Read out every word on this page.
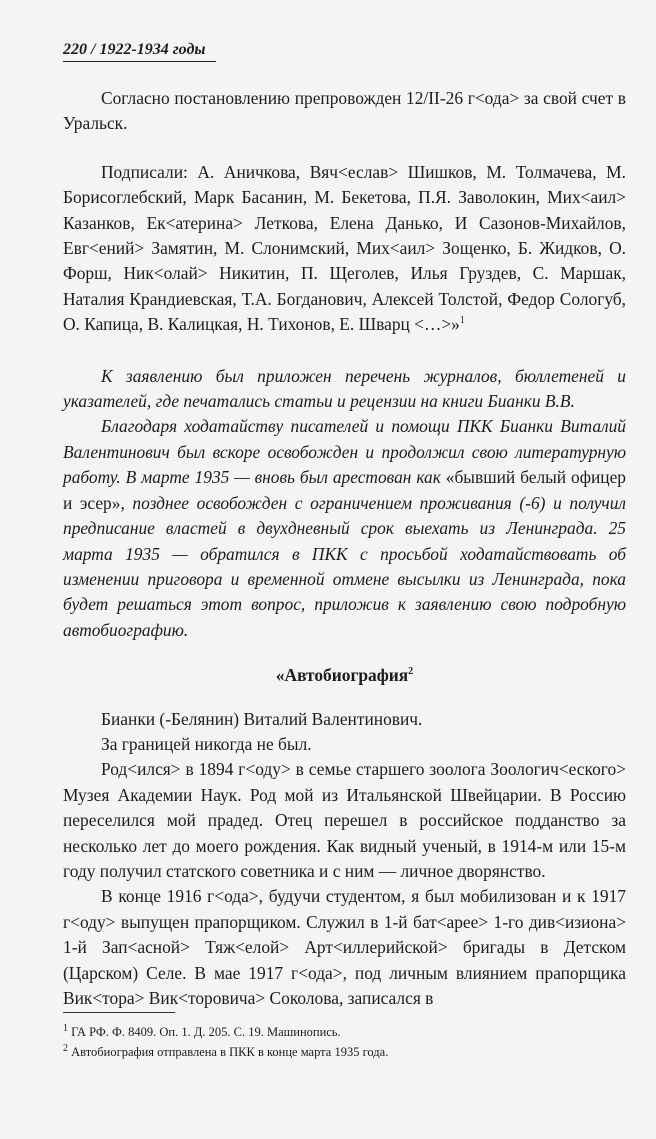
220 / 1922-1934 годы

Согласно постановлению препровожден 12/II-26 г<ода> за свой счет в Уральск.

Подписали: А. Аничкова, Вяч<еслав> Шишков, М. Толмачева, М. Борисоглебский, Марк Басанин, М. Бекетова, П.Я. Заволокин, Мих<аил> Казанков, Ек<атерина> Леткова, Елена Данько, И Сазонов-Михайлов, Евг<ений> Замятин, М. Слонимский, Мих<аил> Зощенко, Б. Жидков, О. Форш, Ник<олай> Никитин, П. Щеголев, Илья Груздев, С. Маршак, Наталия Крандиевская, Т.А. Богданович, Алексей Толстой, Федор Сологуб, О. Капица, В. Калицкая, Н. Тихонов, Е. Шварц <…>»$^1$

К заявлению был приложен перечень журналов, бюллетеней и указателей, где печатались статьи и рецензии на книги Бианки В.В.

Благодаря ходатайству писателей и помощи ПКК Бианки Виталий Валентинович был вскоре освобожден и продолжил свою литературную работу. В марте 1935 — вновь был арестован как «бывший белый офицер и эсер», позднее освобожден с ограничением проживания (-6) и получил предписание властей в двухдневный срок выехать из Ленинграда. 25 марта 1935 — обратился в ПКК с просьбой ходатайствовать об изменении приговора и временной отмене высылки из Ленинграда, пока будет решаться этот вопрос, приложив к заявлению свою подробную автобиографию.

«Автобиография$^2$

Бианки (-Белянин) Виталий Валентинович.

За границей никогда не был.

Род<ился> в 1894 г<оду> в семье старшего зоолога Зоологич<еского> Музея Академии Наук. Род мой из Итальянской Швейцарии. В Россию переселился мой прадед. Отец перешел в российское подданство за несколько лет до моего рождения. Как видный ученый, в 1914-м или 15-м году получил статского советника и с ним — личное дворянство.

В конце 1916 г<ода>, будучи студентом, я был мобилизован и к 1917 г<оду> выпущен прапорщиком. Служил в 1-й бат<арее> 1-го див<изиона> 1-й Зап<асной> Тяж<елой> Арт<иллерийской> бригады в Детском (Царском) Селе. В мае 1917 г<ода>, под личным влиянием прапорщика Вик<тора> Вик<торовича> Соколова, записался в

$^1$ ГА РФ. Ф. 8409. Оп. 1. Д. 205. С. 19. Машинопись.
$^2$ Автобиография отправлена в ПКК в конце марта 1935 года.
